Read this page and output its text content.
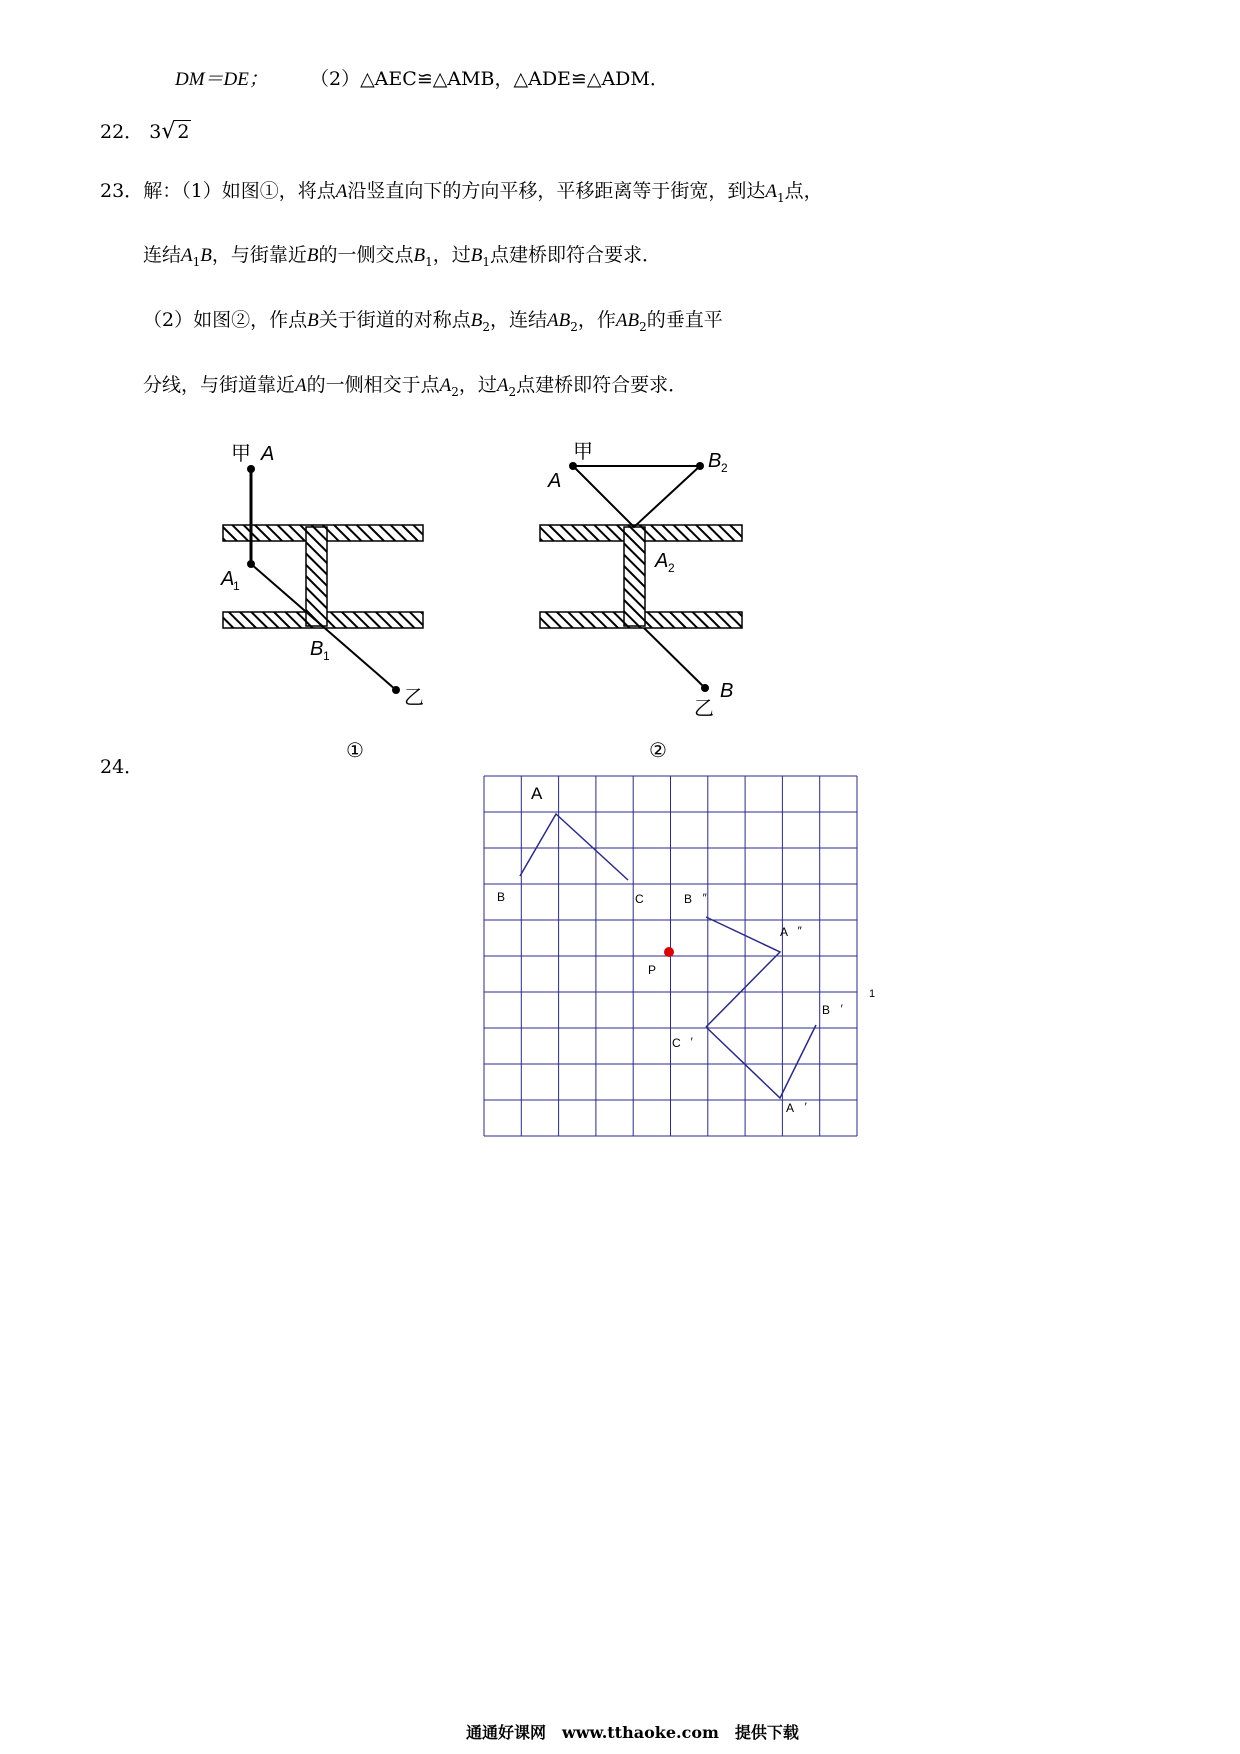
DM＝DE； （2）△AEC≌△AMB，△ADE≌△ADM．
22． 3√ 2
23．解：（1）如图①，将点A沿竖直向下的方向平移，平移距离等于街宽，到达$A_1$点，
连结$A_1B$，与街靠近B的一侧交点$B_1$，过$B_1$点建桥即符合要求．
（2）如图②，作点B关于街道的对称点$B_2$，连结$AB_2$，作$AB_2$的垂直平
分线，与街道靠近A的一侧相交于点$A_2$，过$A_2$点建桥即符合要求．
甲 A
A
1
B 1
乙
甲
A
B 2
A 2
乙
B
①	②
24．
A
B	C	B ″
A ″
P
1
B ′
C ′
A ′
通通好课网　www.tthaoke.com　提供下载
